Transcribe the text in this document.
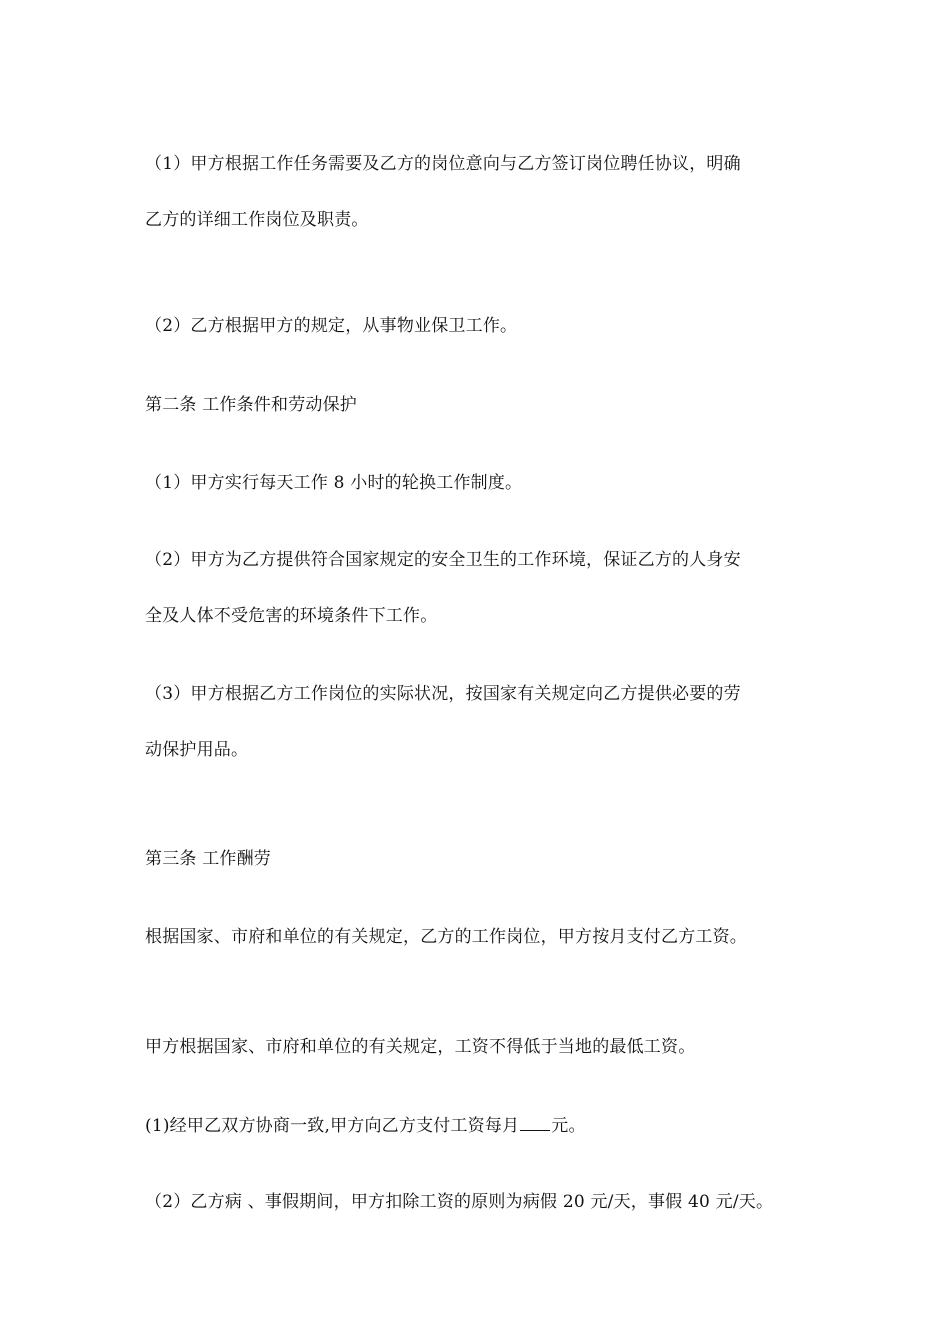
（1）甲方根据工作任务需要及乙方的岗位意向与乙方签订岗位聘任协议，明确
乙方的详细工作岗位及职责。
（2）乙方根据甲方的规定，从事物业保卫工作。
第二条 工作条件和劳动保护
（1）甲方实行每天工作 8 小时的轮换工作制度。
（2）甲方为乙方提供符合国家规定的安全卫生的工作环境，保证乙方的人身安
全及人体不受危害的环境条件下工作。
（3）甲方根据乙方工作岗位的实际状况，按国家有关规定向乙方提供必要的劳
动保护用品。
第三条 工作酬劳
根据国家、市府和单位的有关规定，乙方的工作岗位，甲方按月支付乙方工资。
甲方根据国家、市府和单位的有关规定，工资不得低于当地的最低工资。
(1)经甲乙双方协商一致,甲方向乙方支付工资每月 元。
（2）乙方病 、事假期间，甲方扣除工资的原则为病假 20 元/天，事假 40 元/天。
